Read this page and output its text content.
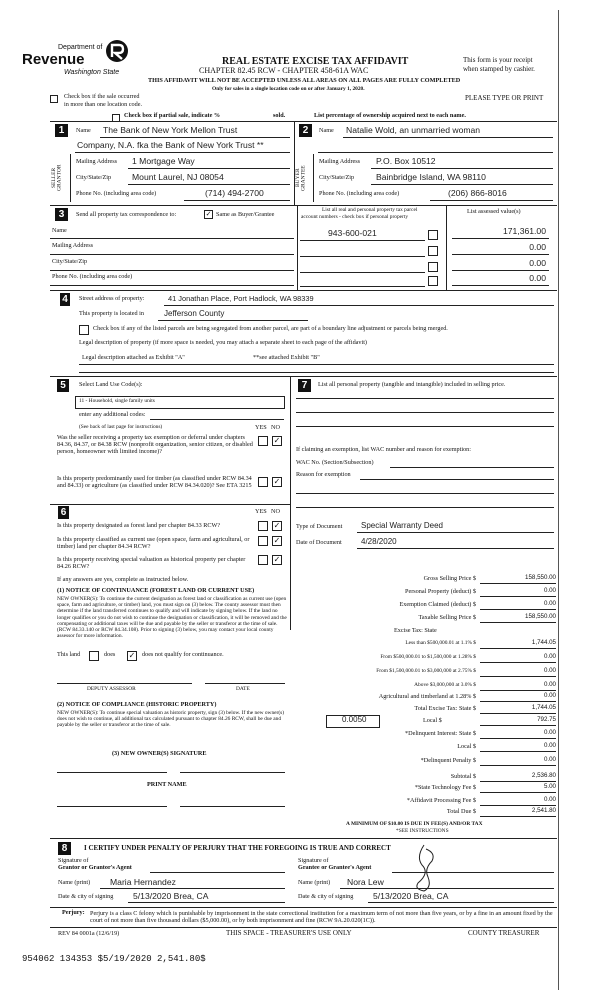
Department of
Revenue
Washington State
REAL ESTATE EXCISE TAX AFFIDAVIT
CHAPTER 82.45 RCW - CHAPTER 458-61A WAC
THIS AFFIDAVIT WILL NOT BE ACCEPTED UNLESS ALL AREAS ON ALL PAGES ARE FULLY COMPLETED
Only for sales in a single location code on or after January 1, 2020.
This form is your receipt
when stamped by cashier.
PLEASE TYPE OR PRINT
Check box if the sale occurred
in more than one location code.
Check box if partial sale, indicate %	sold.	List percentage of ownership acquired next to each name.
1	Name The Bank of New York Mellon Trust
Company, N.A. fka the Bank of New York Trust **
SELLER GRANTOR
Mailing Address 1 Mortgage Way
City/State/Zip Mount Laurel, NJ 08054
Phone No. (including area code)	(714) 494-2700
2	Name Natalie Wold, an unmarried woman
BUYER GRANTEE
Mailing Address P.O. Box 10512
City/State/Zip	Bainbridge Island, WA 98110
Phone No. (including area code)	(206) 866-8016
3	Send all property tax correspondence to:	✓ Same as Buyer/Grantee
List all real and personal property tax parcel
account numbers - check box if personal property
List assessed value(s)
Name
Mailing Address
City/State/Zip
Phone No. (including area code)
943-600-021	171,361.00
0.00
0.00
0.00
4	Street address of property:	41 Jonathan Place, Port Hadlock, WA 98339
This property is located in	Jefferson County
Check box if any of the listed parcels are being segregated from another parcel, are part of a boundary line adjustment or parcels being merged.
Legal description of property (if more space is needed, you may attach a separate sheet to each page of the affidavit)
Legal description attached as Exhibit "A"	**see attached Exhibit "B"
5	Select Land Use Code(s):
11 - Household, single family units
enter any additional codes:
(See back of last page for instructions)	YES NO
Was the seller receiving a property tax exemption or deferral under chapters 84.36, 84.37, or 84.38 RCW (nonprofit organization, senior citizen, or disabled person, homeowner with limited income)?
✓
Is this property predominantly used for timber (as classified under RCW 84.34 and 84.33) or agriculture (as classified under RCW 84.34.020)? See ETA 3215	✓
6	YES NO
Is this property designated as forest land per chapter 84.33 RCW?	✓
Is this property classified as current use (open space, farm and agricultural, or timber) land per chapter 84.34 RCW?
✓
Is this property receiving special valuation as historical property per chapter 84.26 RCW?
✓
If any answers are yes, complete as instructed below.
(1) NOTICE OF CONTINUANCE (FOREST LAND OR CURRENT USE)
NEW OWNER(S): To continue the current designation as forest land or classification as current use (open space, farm and agriculture, or timber) land, you must sign on (3) below. The county assessor must then determine if the land transferred continues to qualify and will indicate by signing below. If the land no longer qualifies or you do not wish to continue the designation or classification, it will be removed and the compensating or additional taxes will be due and payable by the seller or transferor at the time of sale. (RCW 84.33.140 or RCW 84.34.108). Prior to signing (3) below, you may contact your local county assessor for more information.
This land	does ✓ does not qualify for continuance.
DEPUTY ASSESSOR	DATE
(2) NOTICE OF COMPLIANCE (HISTORIC PROPERTY)
NEW OWNER(S): To continue special valuation as historic property, sign (3) below. If the new owner(s) does not wish to continue, all additional tax calculated pursuant to chapter 84.26 RCW, shall be due and payable by the seller or transferor at the time of sale.
(3) NEW OWNER(S) SIGNATURE
PRINT NAME
7	List all personal property (tangible and intangible) included in selling price.
If claiming an exemption, list WAC number and reason for exemption:
WAC No. (Section/Subsection)
Reason for exemption
Type of Document Special Warranty Deed
Date of Document 4/28/2020
Gross Selling Price $	158,550.00
Personal Property (deduct) $	0.00
Exemption Claimed (deduct) $	0.00
Taxable Selling Price $	158,550.00
Excise Tax: State
Less than $500,000.01 at 1.1% $	1,744.05
From $500,000.01 to $1,500,000 at 1.28% $	0.00
From $1,500,000.01 to $3,000,000 at 2.75% $	0.00
Above $3,000,000 at 3.0% $	0.00
Agricultural and timberland at 1.28% $	0.00
Total Excise Tax: State $	1,744.05
0.0050	Local $	792.75
*Delinquent Interest: State $	0.00
Local $	0.00
*Delinquent Penalty $	0.00
Subtotal $	2,536.80
*State Technology Fee $	5.00
*Affidavit Processing Fee $	0.00
Total Due $	2,541.80
A MINIMUM OF $10.00 IS DUE IN FEE(S) AND/OR TAX
*SEE INSTRUCTIONS
8	I CERTIFY UNDER PENALTY OF PERJURY THAT THE FOREGOING IS TRUE AND CORRECT
Signature of
Grantor or Grantor's Agent
Signature of
Grantee or Grantee's Agent
Name (print) Maria Hernandez	Name (print) Nora Lew
Date & city of signing 5/13/2020 Brea, CA	Date & city of signing 5/13/2020 Brea, CA
Perjury: Perjury is a class C felony which is punishable by imprisonment in the state correctional institution for a maximum term of not more than five years, or by a fine in an amount fixed by the court of not more than five thousand dollars ($5,000.00), or by both imprisonment and fine (RCW 9A.20.020(1C)).
REV 84 0001a (12/6/19)	THIS SPACE - TREASURER'S USE ONLY	COUNTY TREASURER
954062 134353 $5/19/2020 2,541.80$
